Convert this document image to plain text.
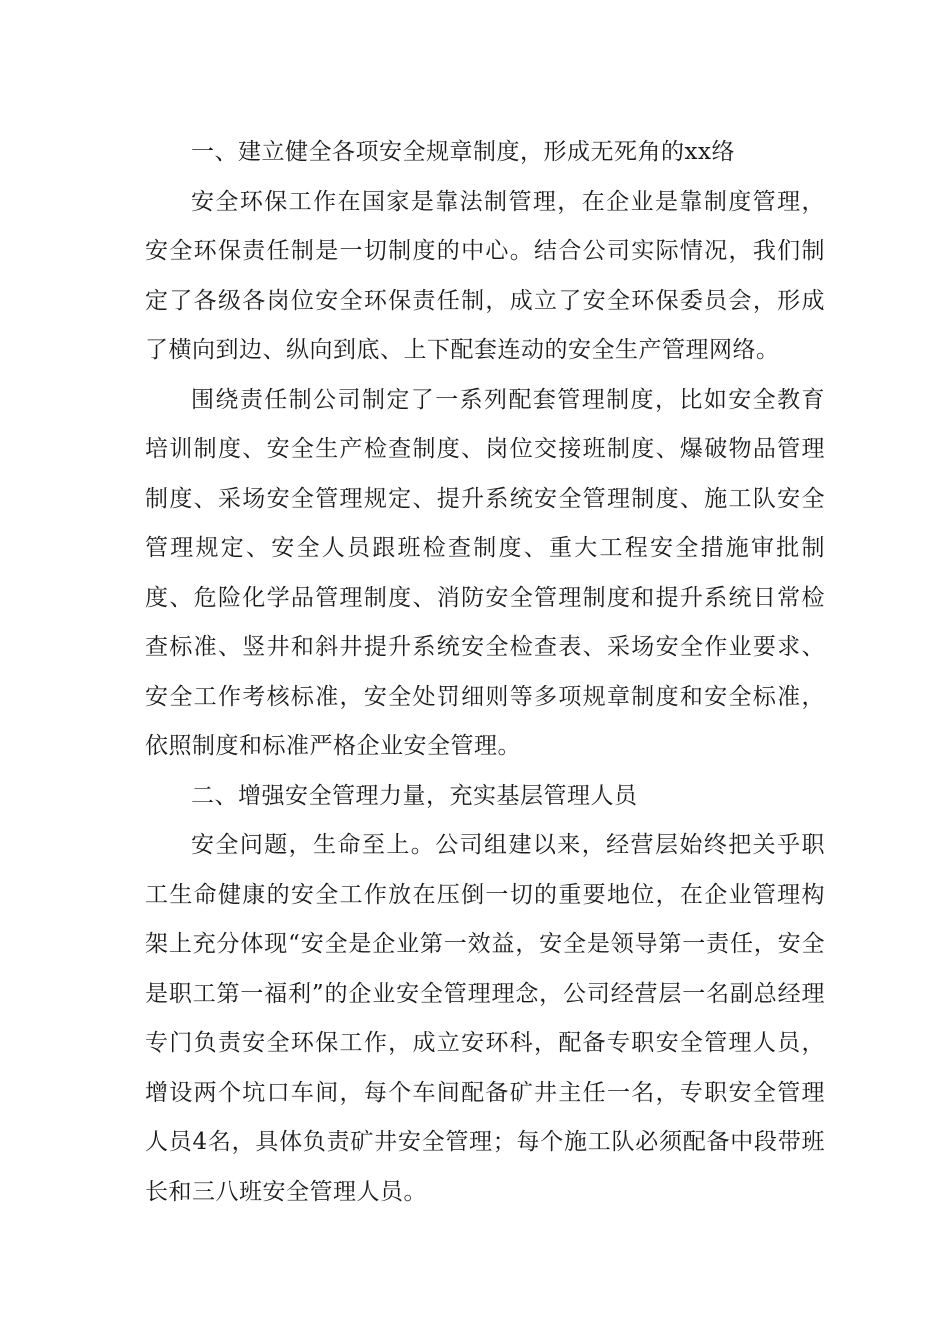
一、建立健全各项安全规章制度，形成无死角的xx络

安全环保工作在国家是靠法制管理，在企业是靠制度管理，安全环保责任制是一切制度的中心。结合公司实际情况，我们制定了各级各岗位安全环保责任制，成立了安全环保委员会，形成了横向到边、纵向到底、上下配套连动的安全生产管理网络。

围绕责任制公司制定了一系列配套管理制度，比如安全教育培训制度、安全生产检查制度、岗位交接班制度、爆破物品管理制度、采场安全管理规定、提升系统安全管理制度、施工队安全管理规定、安全人员跟班检查制度、重大工程安全措施审批制度、危险化学品管理制度、消防安全管理制度和提升系统日常检查标准、竖井和斜井提升系统安全检查表、采场安全作业要求、安全工作考核标准，安全处罚细则等多项规章制度和安全标准，依照制度和标准严格企业安全管理。

二、增强安全管理力量，充实基层管理人员

安全问题，生命至上。公司组建以来，经营层始终把关乎职工生命健康的安全工作放在压倒一切的重要地位，在企业管理构架上充分体现“安全是企业第一效益，安全是领导第一责任，安全是职工第一福利”的企业安全管理理念，公司经营层一名副总经理专门负责安全环保工作，成立安环科，配备专职安全管理人员，增设两个坑口车间，每个车间配备矿井主任一名，专职安全管理人员4名，具体负责矿井安全管理；每个施工队必须配备中段带班长和三八班安全管理人员。
